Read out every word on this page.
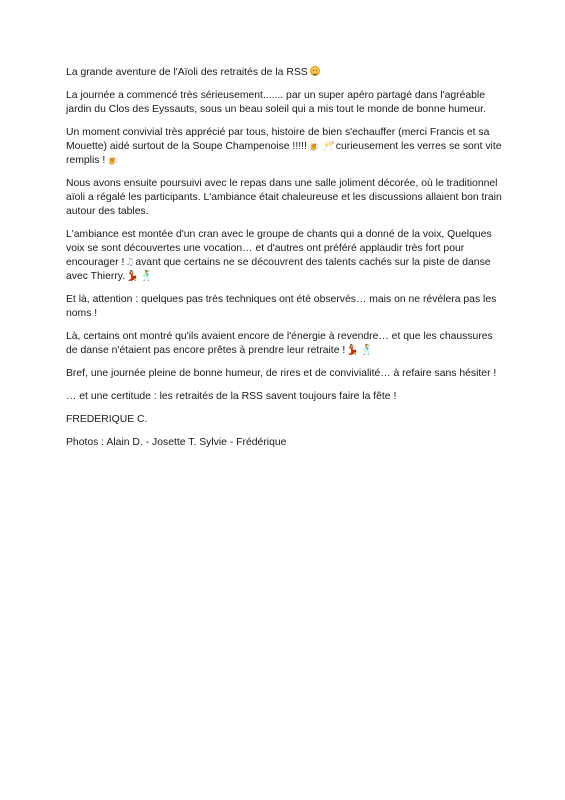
La grande aventure de l'Aïoli des retraités de la RSS

La journée a commencé très sérieusement....... par un super apéro partagé dans l'agréable jardin du Clos des Eyssauts, sous un beau soleil qui a mis tout le monde de bonne humeur.

Un moment convivial très apprécié par tous, histoire de bien s'echauffer (merci Francis et sa Mouette) aidé surtout de la Soupe Champenoise !!!!!🍺 🥂curieusement les verres se sont vite remplis !🍺

Nous avons ensuite poursuivi avec le repas dans une salle joliment décorée, où le traditionnel aïoli a régalé les participants. L'ambiance était chaleureuse et les discussions allaient bon train autour des tables.

L'ambiance est montée d'un cran avec le groupe de chants qui a donné de la voix, Quelques voix se sont découvertes une vocation… et d'autres ont préféré applaudir très fort pour encourager !♫avant que certains ne se découvrent des talents cachés sur la piste de danse avec Thierry.💃 🕺

Et là, attention : quelques pas très techniques ont été observés… mais on ne révélera pas les noms !

Là, certains ont montré qu'ils avaient encore de l'énergie à revendre… et que les chaussures de danse n'étaient pas encore prêtes à prendre leur retraite !💃 🕺

Bref, une journée pleine de bonne humeur, de rires et de convivialité… à refaire sans hésiter !

… et une certitude : les retraités de la RSS savent toujours faire la fête !

FREDERIQUE C.

Photos : Alain D. - Josette T. Sylvie - Frédérique
